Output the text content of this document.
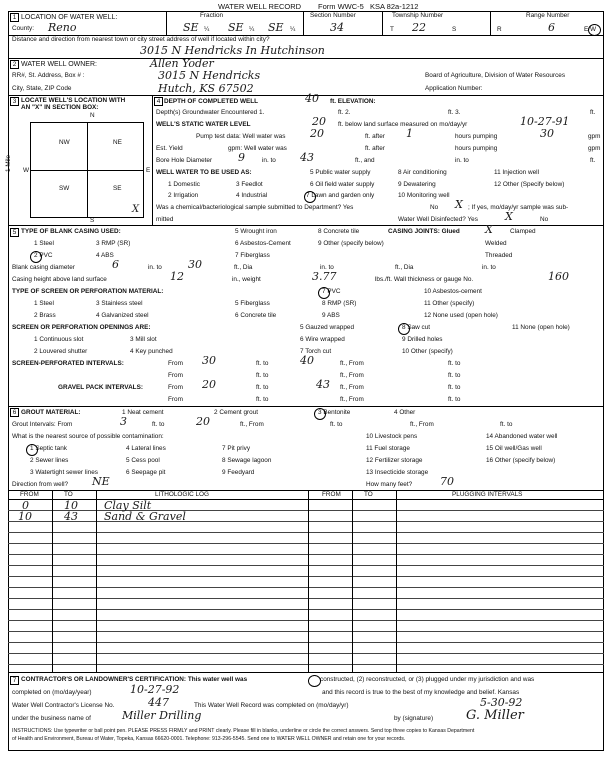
WATER WELL RECORD Form WWC-5 KSA 82a-1212
1 LOCATION OF WATER WELL:
County: Reno
Fraction
SE ¼ SE ¼ SE ¼
Section Number
34
Township Number
T 22	S
Range Number
R	6	E/W
Distance and direction from nearest town or city street address of well if located within city?
3015 N Hendricks In Hutchinson
2 WATER WELL OWNER:	Allen Yoder
RR#, St. Address, Box # :	3015 N Hendricks
City, State, ZIP Code	Hutch, KS 67502
Board of Agriculture, Division of Water Resources
Application Number:
3 LOCATE WELL'S LOCATION WITH
AN "X" IN SECTION BOX:
N
S
W	E
1 Mile
NW	NE
SW	SE
X
4 DEPTH OF COMPLETED WELL	40 ft. ELEVATION:
Depth(s) Groundwater Encountered 1.	ft. 2.	ft. 3.	ft.
WELL'S STATIC WATER LEVEL	20 ft. below land surface measured on mo/day/yr	10-27-91
Pump test data: Well water was 20	ft. after 1	hours pumping	30	gpm
Est. Yield	gpm: Well water was	ft. after	hours pumping	gpm
Bore Hole Diameter 9	in. to 43	ft., and	in. to	ft.
WELL WATER TO BE USED AS:	5 Public water supply	8 Air conditioning	11 Injection well
1 Domestic	3 Feedlot	6 Oil field water supply	9 Dewatering	12 Other (Specify below)
2 Irrigation	4 Industrial	7 Lawn and garden only	10 Monitoring well
Was a chemical/bacteriological sample submitted to Department? Yes	No X ; If yes, mo/day/yr sample was sub-
mitted	Water Well Disinfected? Yes X	No
5 TYPE OF BLANK CASING USED:	5 Wrought iron	8 Concrete tile	CASING JOINTS: Glued X	Clamped
1 Steel	3 RMP (SR)	6 Asbestos-Cement	9 Other (specify below)	Welded
2 PVC	4 ABS	7 Fiberglass	Threaded
Blank casing diameter	6	in. to 30	ft., Dia	in. to	ft., Dia	in. to
Casing height above land surface	12	in., weight	3.77	lbs./ft. Wall thickness or gauge No.	160
TYPE OF SCREEN OR PERFORATION MATERIAL:	7 PVC	10 Asbestos-cement
1 Steel	3 Stainless steel	5 Fiberglass	8 RMP (SR)	11 Other (specify)
2 Brass	4 Galvanized steel	6 Concrete tile	9 ABS	12 None used (open hole)
SCREEN OR PERFORATION OPENINGS ARE:	5 Gauzed wrapped	8 Saw cut	11 None (open hole)
1 Continuous slot	3 Mill slot	6 Wire wrapped	9 Drilled holes
2 Louvered shutter	4 Key punched	7 Torch cut	10 Other (specify)
SCREEN-PERFORATED INTERVALS:	From 30	ft. to	40	ft., From	ft. to
From	ft. to	ft., From	ft. to
GRAVEL PACK INTERVALS:	From 20	ft. to	43 ft., From	ft. to
From	ft. to	ft., From	ft. to
6 GROUT MATERIAL:	1 Neat cement	2 Cement grout	3 Bentonite	4 Other
Grout Intervals: From	3	ft. to	20	ft., From	ft. to	ft., From	ft. to
What is the nearest source of possible contamination:	10 Livestock pens	14 Abandoned water well
1 Septic tank	4 Lateral lines	7 Pit privy	11 Fuel storage	15 Oil well/Gas well
2 Sewer lines	5 Cess pool	8 Sewage lagoon	12 Fertilizer storage	16 Other (specify below)
3 Watertight sewer lines	6 Seepage pit	9 Feedyard	13 Insecticide storage
Direction from well? NE	How many feet?	70
FROM	TO	LITHOLOGIC LOG	FROM	TO	PLUGGING INTERVALS
0	10 Clay Silt
10	43 Sand & Gravel
7 CONTRACTOR'S OR LANDOWNER'S CERTIFICATION: This water well was	constructed, (2) reconstructed, or (3) plugged under my jurisdiction and was
completed on (mo/day/year)	10-27-92	and this record is true to the best of my knowledge and belief. Kansas
Water Well Contractor's License No.	447	This Water Well Record was completed on (mo/day/yr)	5-30-92
under the business name of	Miller Drilling	by (signature)	G. Miller
INSTRUCTIONS: Use typewriter or ball point pen. PLEASE PRESS FIRMLY and PRINT clearly. Please fill in blanks, underline or circle the correct answers. Send top three copies to Kansas Department
of Health and Environment, Bureau of Water, Topeka, Kansas 66620-0001. Telephone: 913-296-5545. Send one to WATER WELL OWNER and retain one for your records.
